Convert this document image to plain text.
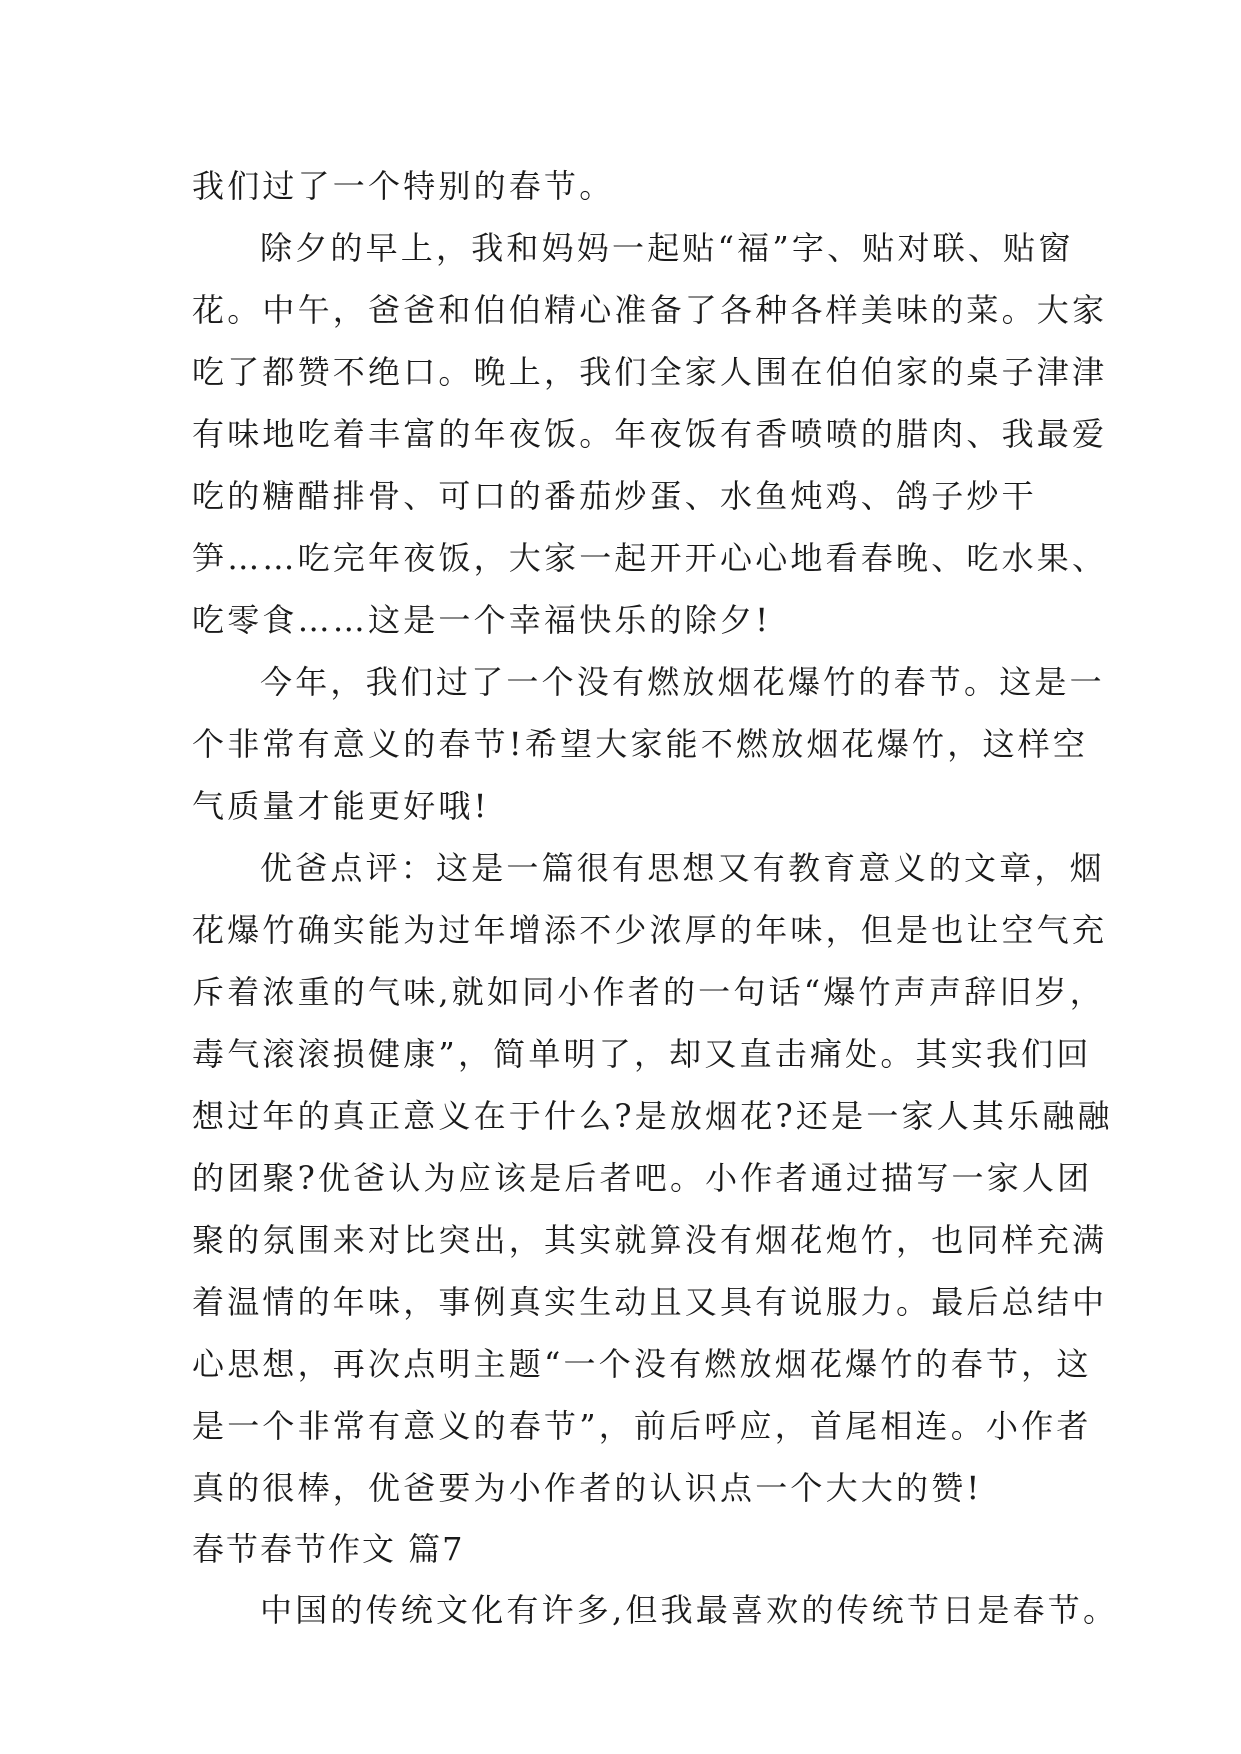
我们过了一个特别的春节。
除夕的早上，我和妈妈一起贴“福”字、贴对联、贴窗
花。中午，爸爸和伯伯精心准备了各种各样美味的菜。大家
吃了都赞不绝口。晚上，我们全家人围在伯伯家的桌子津津
有味地吃着丰富的年夜饭。年夜饭有香喷喷的腊肉、我最爱
吃的糖醋排骨、可口的番茄炒蛋、水鱼炖鸡、鸽子炒干
笋……吃完年夜饭，大家一起开开心心地看春晚、吃水果、
吃零食……这是一个幸福快乐的除夕!
今年，我们过了一个没有燃放烟花爆竹的春节。这是一
个非常有意义的春节!希望大家能不燃放烟花爆竹，这样空
气质量才能更好哦!
优爸点评：这是一篇很有思想又有教育意义的文章，烟
花爆竹确实能为过年增添不少浓厚的年味，但是也让空气充
斥着浓重的气味,就如同小作者的一句话“爆竹声声辞旧岁，
毒气滚滚损健康”，简单明了，却又直击痛处。其实我们回
想过年的真正意义在于什么?是放烟花?还是一家人其乐融融
的团聚?优爸认为应该是后者吧。小作者通过描写一家人团
聚的氛围来对比突出，其实就算没有烟花炮竹，也同样充满
着温情的年味，事例真实生动且又具有说服力。最后总结中
心思想，再次点明主题“一个没有燃放烟花爆竹的春节，这
是一个非常有意义的春节”，前后呼应，首尾相连。小作者
真的很棒，优爸要为小作者的认识点一个大大的赞!
春节春节作文 篇7
中国的传统文化有许多,但我最喜欢的传统节日是春节。
